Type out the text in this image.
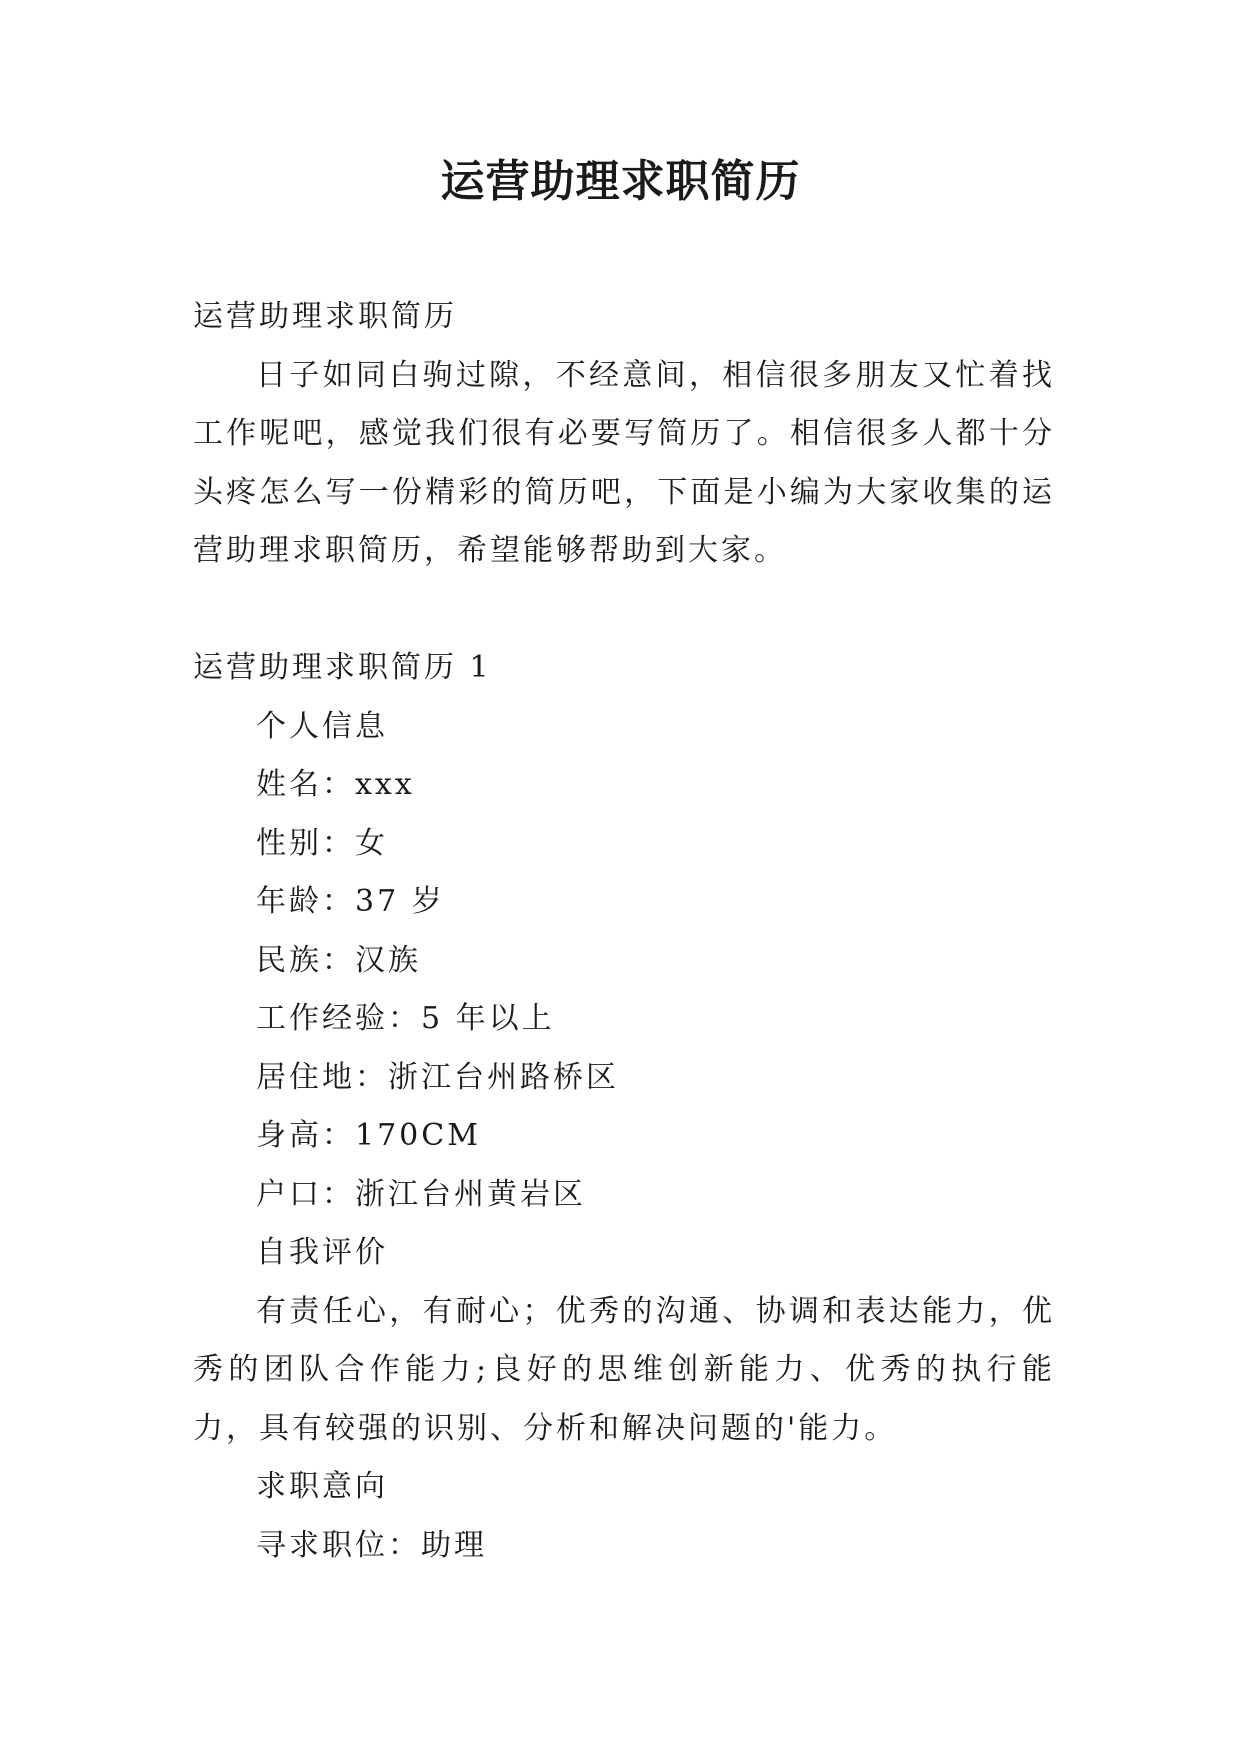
运营助理求职简历

运营助理求职简历

日子如同白驹过隙，不经意间，相信很多朋友又忙着找工作呢吧，感觉我们很有必要写简历了。相信很多人都十分头疼怎么写一份精彩的简历吧，下面是小编为大家收集的运营助理求职简历，希望能够帮助到大家。

运营助理求职简历 1

个人信息

姓名：xxx

性别：女

年龄：37 岁

民族：汉族

工作经验：5 年以上

居住地：浙江台州路桥区

身高：170CM

户口：浙江台州黄岩区

自我评价

有责任心，有耐心；优秀的沟通、协调和表达能力，优秀的团队合作能力;良好的思维创新能力、优秀的执行能力，具有较强的识别、分析和解决问题的'能力。

求职意向

寻求职位：助理
